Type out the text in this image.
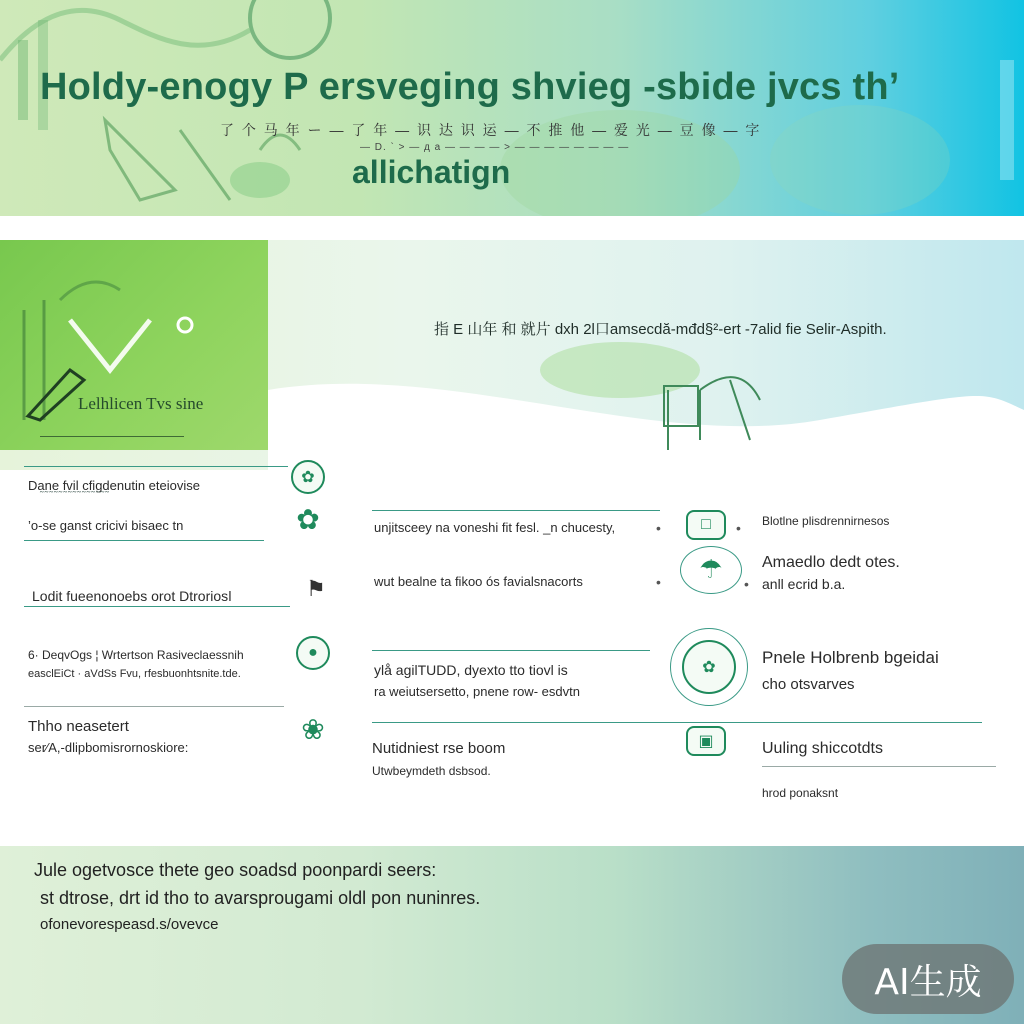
Holdy-enogy P ersveging shvieg -sbide jvcs th’
了 个 马 年 ー — 了 年 — 识 达 识 运 — 不 推 他 — 爱 光 — 豆 像 — 字
— D. ` > — д а — — — — > — — — — — — — —
allichatign
Lelhlicen Tvs sine
指 E 山年 和 就片 dxh 2l口amsecdă-mđd§²-ert -7alid fie Selir-Aspith.
Dane fvil cfigdenutin eteiovise
˜˜˜˜˜˜˜˜˜˜˜˜˜˜˜
✿
’o-se ganst cricivi bisaec tn	✿
Lodit fueenonoebs orot Dtroriosǀ	⚑
6· DeqvOgs ¦ Wrtertson Rasiveclaessnih
easclEiCt · aVdSs Fvu, rfesbuonhtsnite.tde.
●
Thho neasetert
ser⁄A,-dlipbomisrornoskiore:
❀
unjitsceey na voneshi fit fesl. _n chucesty,	•
wut bealne ta fikoo ós favialsnacorts	•
ylå agilTUDD, dyexto tto tiovl is
ra weiutsersetto, pnene row- esdvtn
Nutidniest rse boom
Utwbeymdeth dsbsod.
□	• Blotlne plisdrennirnesos
☂
•
Amaedlo dedt otes.
anll ecrid b.a.
✿
Pnele Holbrenb bgeidai
cho otsvarves
▣	Uuling shiccotdts
hrod ponaksnt
Jule ogetvosce thete geo soadsd poonpardi seers:
st dtrose, drt id tho to avarsprougami oldl pon nuninres.
ofonevorespeasd.s/ovevce
AI生成
